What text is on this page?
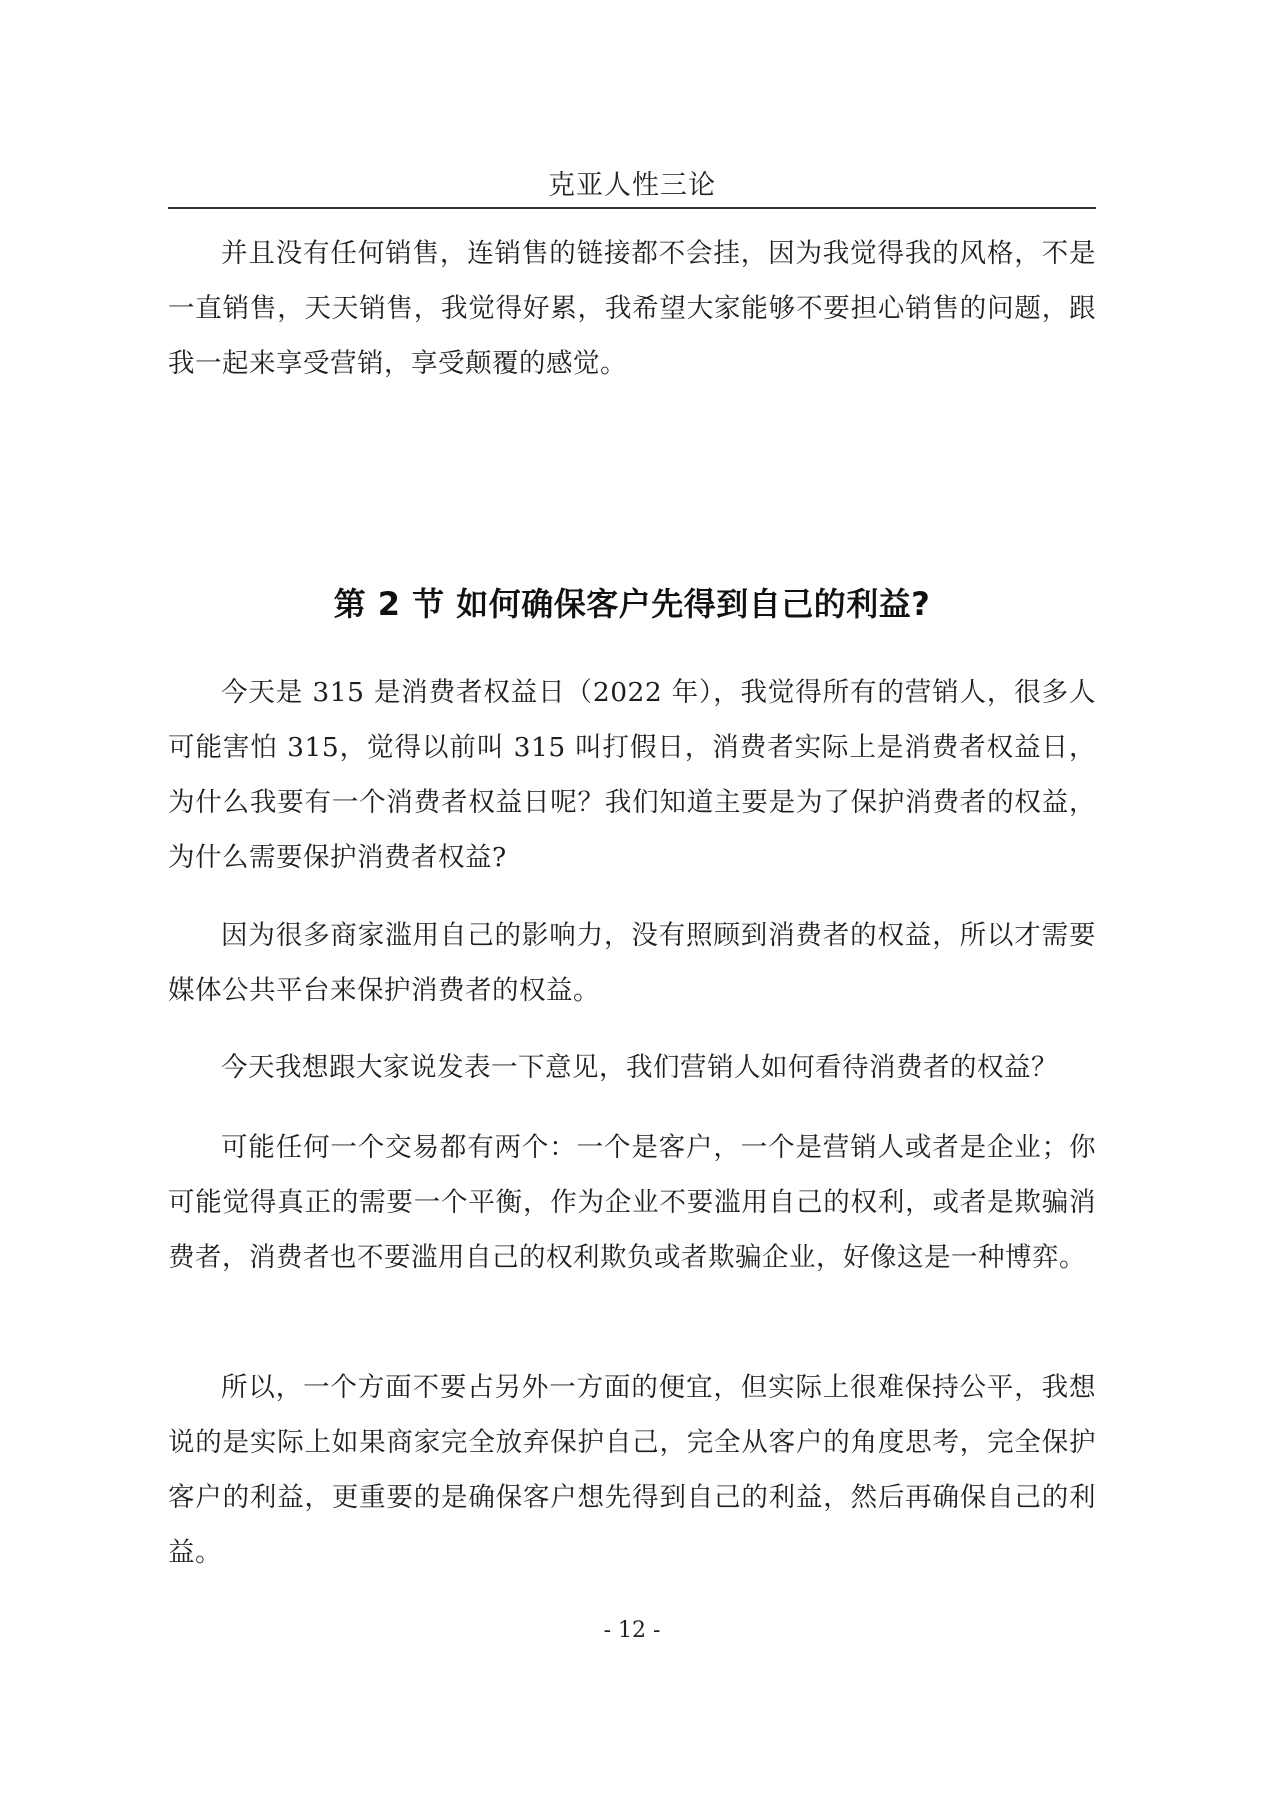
克亚人性三论

并且没有任何销售，连销售的链接都不会挂，因为我觉得我的风格，不是一直销售，天天销售，我觉得好累，我希望大家能够不要担心销售的问题，跟我一起来享受营销，享受颠覆的感觉。

第 2 节 如何确保客户先得到自己的利益?

今天是 315 是消费者权益日（2022 年），我觉得所有的营销人，很多人可能害怕 315，觉得以前叫 315 叫打假日，消费者实际上是消费者权益日，为什么我要有一个消费者权益日呢？我们知道主要是为了保护消费者的权益，为什么需要保护消费者权益?

因为很多商家滥用自己的影响力，没有照顾到消费者的权益，所以才需要媒体公共平台来保护消费者的权益。

今天我想跟大家说发表一下意见，我们营销人如何看待消费者的权益？

可能任何一个交易都有两个：一个是客户，一个是营销人或者是企业；你可能觉得真正的需要一个平衡，作为企业不要滥用自己的权利，或者是欺骗消费者，消费者也不要滥用自己的权利欺负或者欺骗企业，好像这是一种博弈。

所以，一个方面不要占另外一方面的便宜，但实际上很难保持公平，我想说的是实际上如果商家完全放弃保护自己，完全从客户的角度思考，完全保护客户的利益，更重要的是确保客户想先得到自己的利益，然后再确保自己的利益。

- 12 -
